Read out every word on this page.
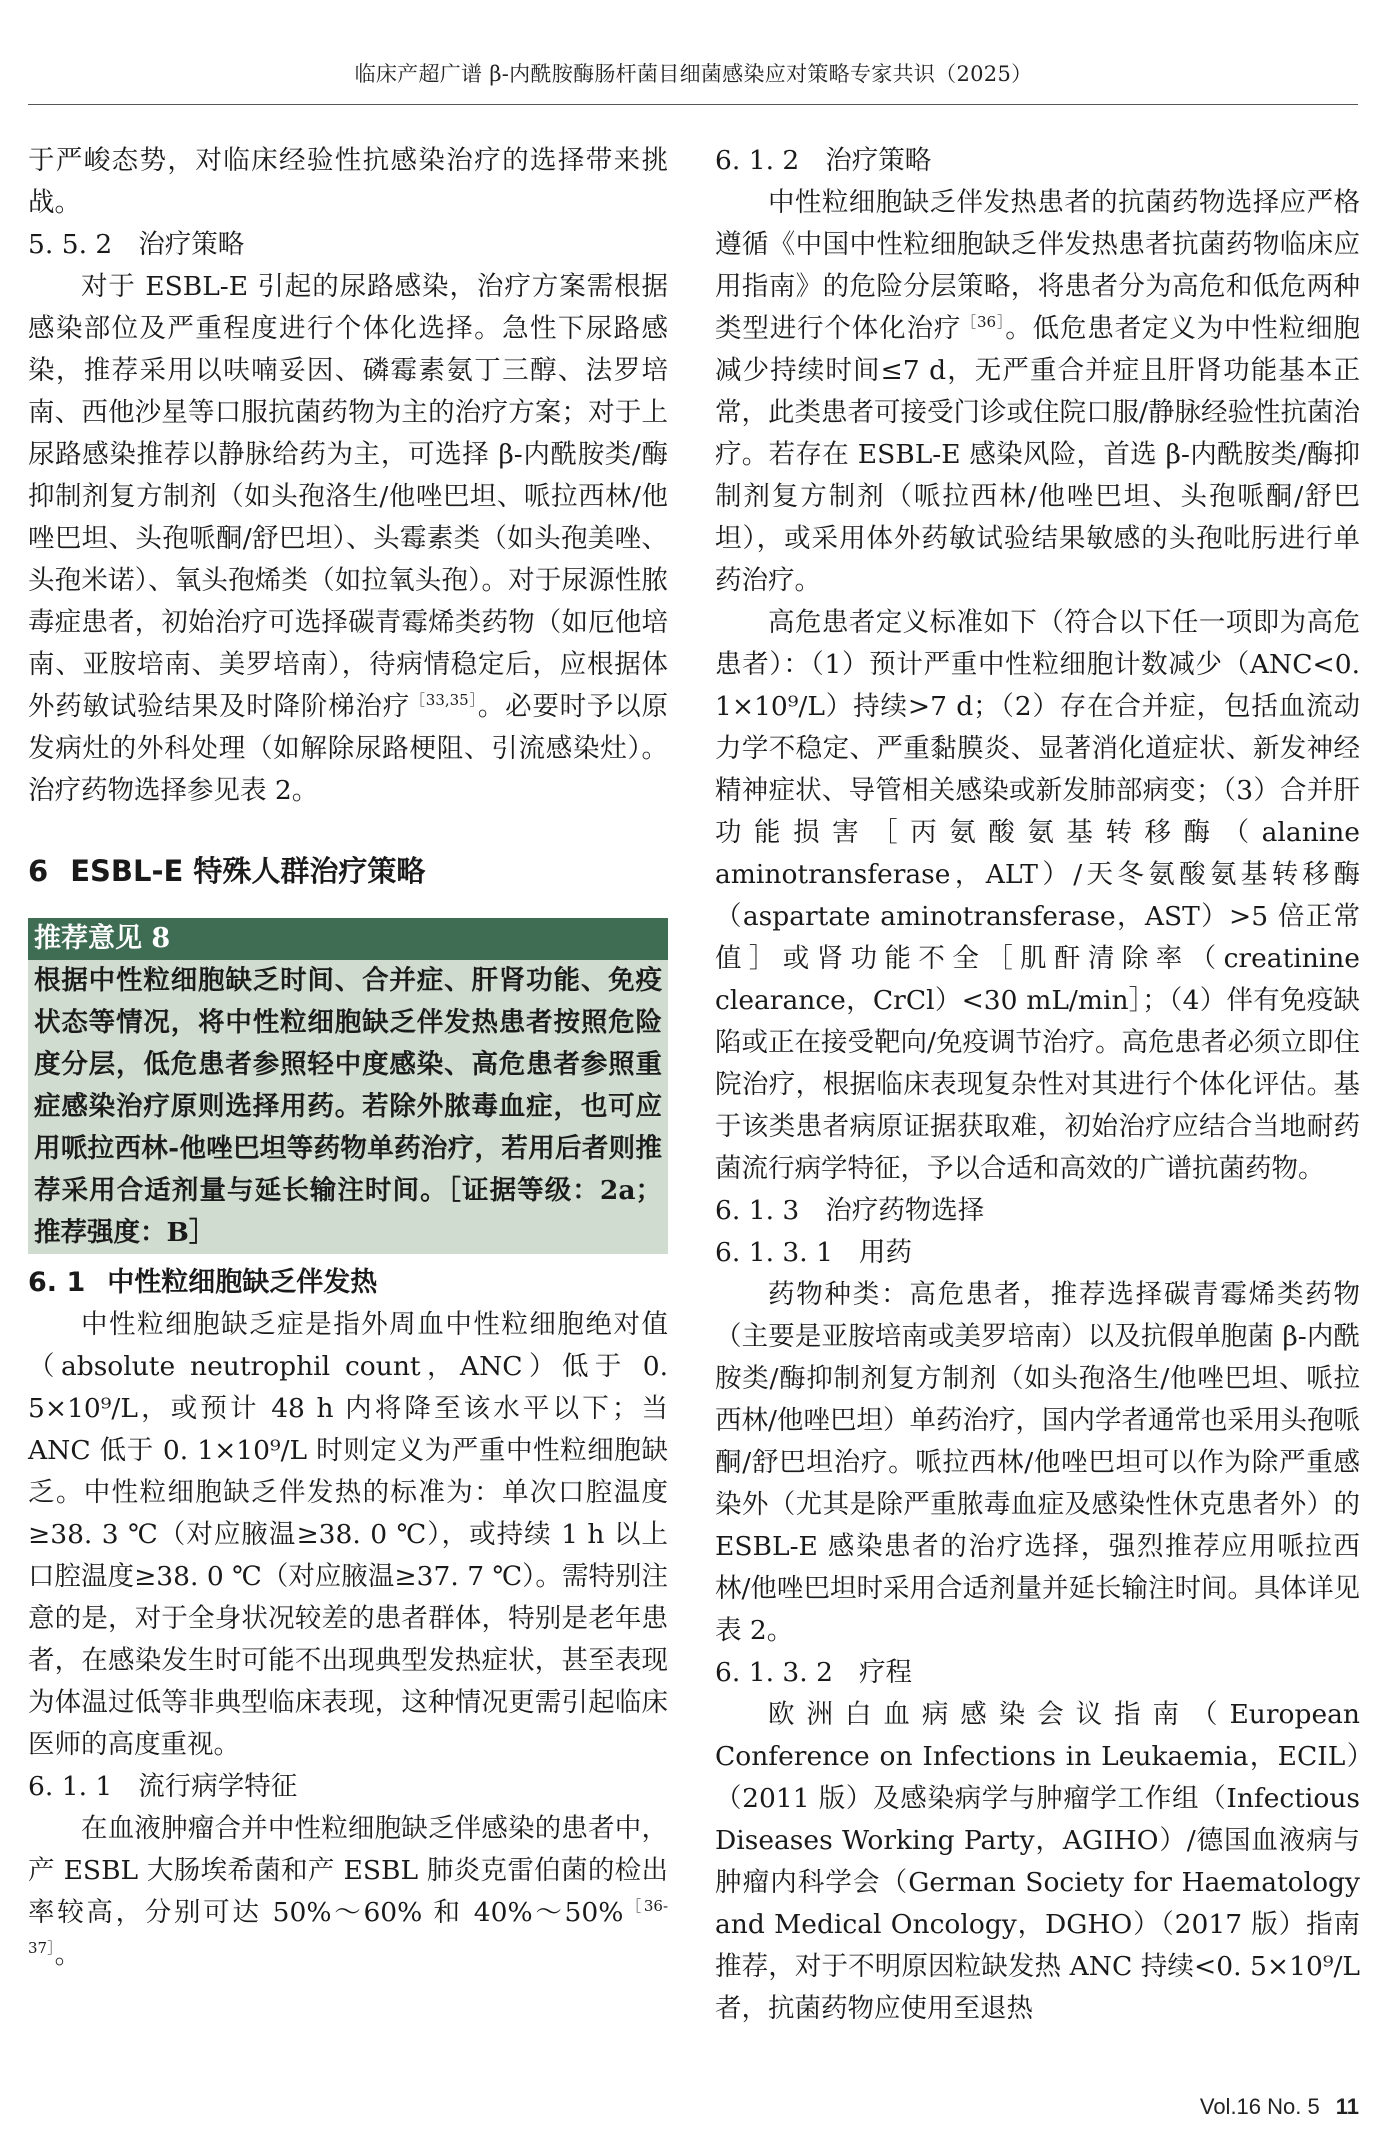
临床产超广谱 β-内酰胺酶肠杆菌目细菌感染应对策略专家共识（2025）

于严峻态势，对临床经验性抗感染治疗的选择带来挑战。

5. 5. 2 治疗策略

对于 ESBL-E 引起的尿路感染，治疗方案需根据感染部位及严重程度进行个体化选择。急性下尿路感染，推荐采用以呋喃妥因、磷霉素氨丁三醇、法罗培南、西他沙星等口服抗菌药物为主的治疗方案；对于上尿路感染推荐以静脉给药为主，可选择 β-内酰胺类/酶抑制剂复方制剂（如头孢洛生/他唑巴坦、哌拉西林/他唑巴坦、头孢哌酮/舒巴坦）、头霉素类（如头孢美唑、头孢米诺）、氧头孢烯类（如拉氧头孢）。对于尿源性脓毒症患者，初始治疗可选择碳青霉烯类药物（如厄他培南、亚胺培南、美罗培南），待病情稳定后，应根据体外药敏试验结果及时降阶梯治疗$^{[33,35]}$。必要时予以原发病灶的外科处理（如解除尿路梗阻、引流感染灶）。治疗药物选择参见表 2。

6 ESBL-E 特殊人群治疗策略
推荐意见 8
根据中性粒细胞缺乏时间、合并症、肝肾功能、免疫状态等情况，将中性粒细胞缺乏伴发热患者按照危险度分层，低危患者参照轻中度感染、高危患者参照重症感染治疗原则选择用药。若除外脓毒血症，也可应用哌拉西林-他唑巴坦等药物单药治疗，若用后者则推荐采用合适剂量与延长输注时间。［证据等级：2a；推荐强度：B］
6. 1 中性粒细胞缺乏伴发热

中性粒细胞缺乏症是指外周血中性粒细胞绝对值（absolute neutrophil count，ANC）低于 0. 5×10⁹/L，或预计 48 h 内将降至该水平以下；当 ANC 低于 0. 1×10⁹/L 时则定义为严重中性粒细胞缺乏。中性粒细胞缺乏伴发热的标准为：单次口腔温度≥38. 3 ℃（对应腋温≥38. 0 ℃），或持续 1 h 以上口腔温度≥38. 0 ℃（对应腋温≥37. 7 ℃）。需特别注意的是，对于全身状况较差的患者群体，特别是老年患者，在感染发生时可能不出现典型发热症状，甚至表现为体温过低等非典型临床表现，这种情况更需引起临床医师的高度重视。

6. 1. 1 流行病学特征

在血液肿瘤合并中性粒细胞缺乏伴感染的患者中，产 ESBL 大肠埃希菌和产 ESBL 肺炎克雷伯菌的检出率较高，分别可达 50%～60% 和 40%～50%$^{[36-37]}$。

6. 1. 2 治疗策略

中性粒细胞缺乏伴发热患者的抗菌药物选择应严格遵循《中国中性粒细胞缺乏伴发热患者抗菌药物临床应用指南》的危险分层策略，将患者分为高危和低危两种类型进行个体化治疗$^{[36]}$。低危患者定义为中性粒细胞减少持续时间≤7 d，无严重合并症且肝肾功能基本正常，此类患者可接受门诊或住院口服/静脉经验性抗菌治疗。若存在 ESBL-E 感染风险，首选 β-内酰胺类/酶抑制剂复方制剂（哌拉西林/他唑巴坦、头孢哌酮/舒巴坦），或采用体外药敏试验结果敏感的头孢吡肟进行单药治疗。

高危患者定义标准如下（符合以下任一项即为高危患者）：（1）预计严重中性粒细胞计数减少（ANC<0. 1×10⁹/L）持续>7 d；（2）存在合并症，包括血流动力学不稳定、严重黏膜炎、显著消化道症状、新发神经精神症状、导管相关感染或新发肺部病变；（3）合并肝功能损害［丙氨酸氨基转移酶（alanine aminotransferase，ALT）/天冬氨酸氨基转移酶（aspartate aminotransferase，AST）>5 倍正常值］或肾功能不全［肌酐清除率（creatinine clearance，CrCl）<30 mL/min］；（4）伴有免疫缺陷或正在接受靶向/免疫调节治疗。高危患者必须立即住院治疗，根据临床表现复杂性对其进行个体化评估。基于该类患者病原证据获取难，初始治疗应结合当地耐药菌流行病学特征，予以合适和高效的广谱抗菌药物。

6. 1. 3 治疗药物选择

6. 1. 3. 1 用药

药物种类：高危患者，推荐选择碳青霉烯类药物（主要是亚胺培南或美罗培南）以及抗假单胞菌 β-内酰胺类/酶抑制剂复方制剂（如头孢洛生/他唑巴坦、哌拉西林/他唑巴坦）单药治疗，国内学者通常也采用头孢哌酮/舒巴坦治疗。哌拉西林/他唑巴坦可以作为除严重感染外（尤其是除严重脓毒血症及感染性休克患者外）的 ESBL-E 感染患者的治疗选择，强烈推荐应用哌拉西林/他唑巴坦时采用合适剂量并延长输注时间。具体详见表 2。

6. 1. 3. 2 疗程

欧洲白血病感染会议指南（European Conference on Infections in Leukaemia，ECIL）（2011 版）及感染病学与肿瘤学工作组（Infectious Diseases Working Party，AGIHO）/德国血液病与肿瘤内科学会（German Society for Haematology and Medical Oncology，DGHO）（2017 版）指南推荐，对于不明原因粒缺发热 ANC 持续<0. 5×10⁹/L 者，抗菌药物应使用至退热

Vol.16 No. 5 11
